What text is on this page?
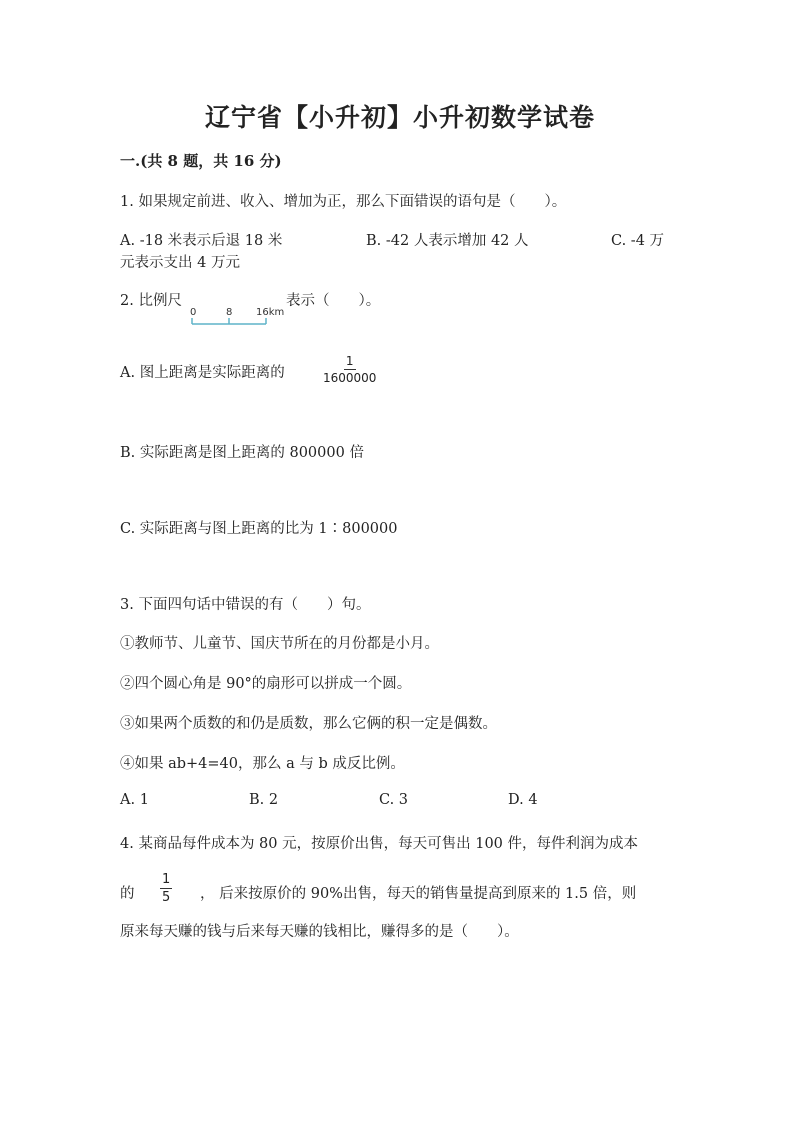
辽宁省【小升初】小升初数学试卷
一.(共 8 题，共 16 分)
1. 如果规定前进、收入、增加为正，那么下面错误的语句是（　　）。
A. -18 米表示后退 18 米	B. -42 人表示增加 42 人	C. -4 万
元表示支出 4 万元
2. 比例尺
0	8 16km
表示（　　）。
A. 图上距离是实际距离的	$\frac{1}{1600000}$
B. 实际距离是图上距离的 800000 倍
C. 实际距离与图上距离的比为 1∶800000
3. 下面四句话中错误的有（　　）句。
①教师节、儿童节、国庆节所在的月份都是小月。
②四个圆心角是 90°的扇形可以拼成一个圆。
③如果两个质数的和仍是质数，那么它俩的积一定是偶数。
④如果 ab+4=40，那么 a 与 b 成反比例。
A. 1	B. 2	C. 3	D. 4
4. 某商品每件成本为 80 元，按原价出售，每天可售出 100 件，每件利润为成本
的 $\frac{1}{5}$ ， 后来按原价的 90%出售，每天的销售量提高到原来的 1.5 倍，则
原来每天赚的钱与后来每天赚的钱相比，赚得多的是（　　）。
